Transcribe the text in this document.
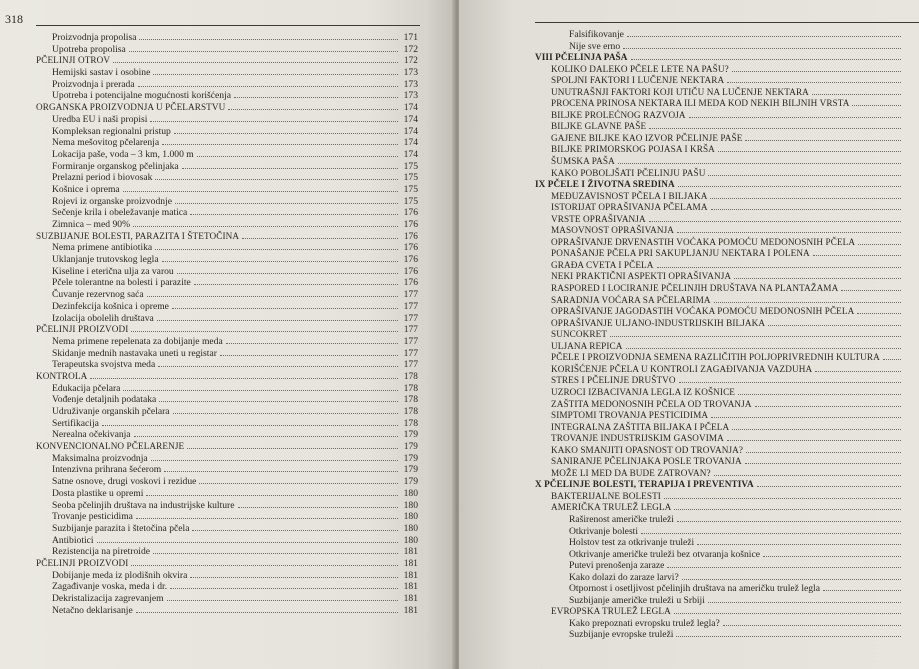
318
Proizvodnja propolisa	171
Upotreba propolisa	172
PČELINJI OTROV	172
Hemijski sastav i osobine	173
Proizvodnja i prerada	173
Upotreba i potencijalne mogućnosti korišćenja	173
ORGANSKA PROIZVODNJA U PČELARSTVU	174
Uredba EU i naši propisi	174
Kompleksan regionalni pristup	174
Nema mešovitog pčelarenja	174
Lokacija paše, voda – 3 km, 1.000 m	174
Formiranje organskog pčelinjaka	175
Prelazni period i biovosak	175
Košnice i oprema	175
Rojevi iz organske proizvodnje	175
Sečenje krila i obeležavanje matica	176
Zimnica – med 90%	176
SUZBIJANJE BOLESTI, PARAZITA I ŠTETOČINA	176
Nema primene antibiotika	176
Uklanjanje trutovskog legla	176
Kiseline i eterična ulja za varou	176
Pčele tolerantne na bolesti i parazite	176
Čuvanje rezervnog saća	177
Dezinfekcija košnica i opreme	177
Izolacija obolelih društava	177
PČELINJI PROIZVODI	177
Nema primene repelenata za dobijanje meda	177
Skidanje mednih nastavaka uneti u registar	177
Terapeutska svojstva meda	177
KONTROLA	178
Edukacija pčelara	178
Vođenje detaljnih podataka	178
Udruživanje organskih pčelara	178
Sertifikacija	178
Nerealna očekivanja	179
KONVENCIONALNO PČELARENJE	179
Maksimalna proizvodnja	179
Intenzivna prihrana šećerom	179
Satne osnove, drugi voskovi i rezidue	179
Dosta plastike u opremi	180
Seoba pčelinjih društava na industrijske kulture	180
Trovanje pesticidima	180
Suzbijanje parazita i štetočina pčela	180
Antibiotici	180
Rezistencija na piretroide	181
PČELINJI PROIZVODI	181
Dobijanje meda iz plodišnih okvira	181
Zagađivanje voska, meda i dr.	181
Dekristalizacija zagrevanjem	181
Netačno deklarisanje	181
Falsifikovanje
Nije sve erno
VIII PČELINJA PAŠA
KOLIKO DALEKO PČELE LETE NA PAŠU?
SPOLJNI FAKTORI I LUČENJE NEKTARA
UNUTRAŠNJI FAKTORI KOJI UTIČU NA LUČENJE NEKTARA
PROCENA PRINOSA NEKTARA ILI MEDA KOD NEKIH BILJNIH VRSTA
BILJKE PROLEĆNOG RAZVOJA
BILJKE GLAVNE PAŠE
GAJENE BILJKE KAO IZVOR PČELINJE PAŠE
BILJKE PRIMORSKOG POJASA I KRŠA
ŠUMSKA PAŠA
KAKO POBOLJŠATI PČELINJU PAŠU
IX PČELE I ŽIVOTNA SREDINA
MEĐUZAVISNOST PČELA I BILJAKA
ISTORIJAT OPRAŠIVANJA PČELAMA
VRSTE OPRAŠIVANJA
MASOVNOST OPRAŠIVANJA
OPRAŠIVANJE DRVENASTIH VOĆAKA POMOĆU MEDONOSNIH PČELA
PONAŠANJE PČELA PRI SAKUPLJANJU NEKTARA I POLENA
GRAĐA CVETA I PČELA
NEKI PRAKTIČNI ASPEKTI OPRAŠIVANJA
RASPORED I LOCIRANJE PČELINJIH DRUŠTAVA NA PLANTAŽAMA
SARADNJA VOĆARA SA PČELARIMA
OPRAŠIVANJE JAGODASTIH VOĆAKA POMOĆU MEDONOSNIH PČELA
OPRAŠIVANJE ULJANO-INDUSTRIJSKIH BILJAKA
SUNCOKRET
ULJANA REPICA
PČELE I PROIZVODNJA SEMENA RAZLIČITIH POLJOPRIVREDNIH KULTURA
KORIŠĆENJE PČELA U KONTROLI ZAGAĐIVANJA VAZDUHA
STRES I PČELINJE DRUŠTVO
UZROCI IZBACIVANJA LEGLA IZ KOŠNICE
ZAŠTITA MEDONOSNIH PČELA OD TROVANJA
SIMPTOMI TROVANJA PESTICIDIMA
INTEGRALNA ZAŠTITA BILJAKA I PČELA
TROVANJE INDUSTRIJSKIM GASOVIMA
KAKO SMANJITI OPASNOST OD TROVANJA?
SANIRANJE PČELINJAKA POSLE TROVANJA
MOŽE LI MED DA BUDE ZATROVAN?
X PČELINJE BOLESTI, TERAPIJA I PREVENTIVA
BAKTERIJALNE BOLESTI
AMERIČKA TRULEŽ LEGLA
Raširenost američke truleži
Otkrivanje bolesti
Holstov test za otkrivanje truleži
Otkrivanje američke truleži bez otvaranja košnice
Putevi prenošenja zaraze
Kako dolazi do zaraze larvi?
Otpornost i osetljivost pčelinjih društava na američku trulež legla
Suzbijanje američke truleži u Srbiji
EVROPSKA TRULEŽ LEGLA
Kako prepoznati evropsku trulež legla?
Suzbijanje evropske truleži
